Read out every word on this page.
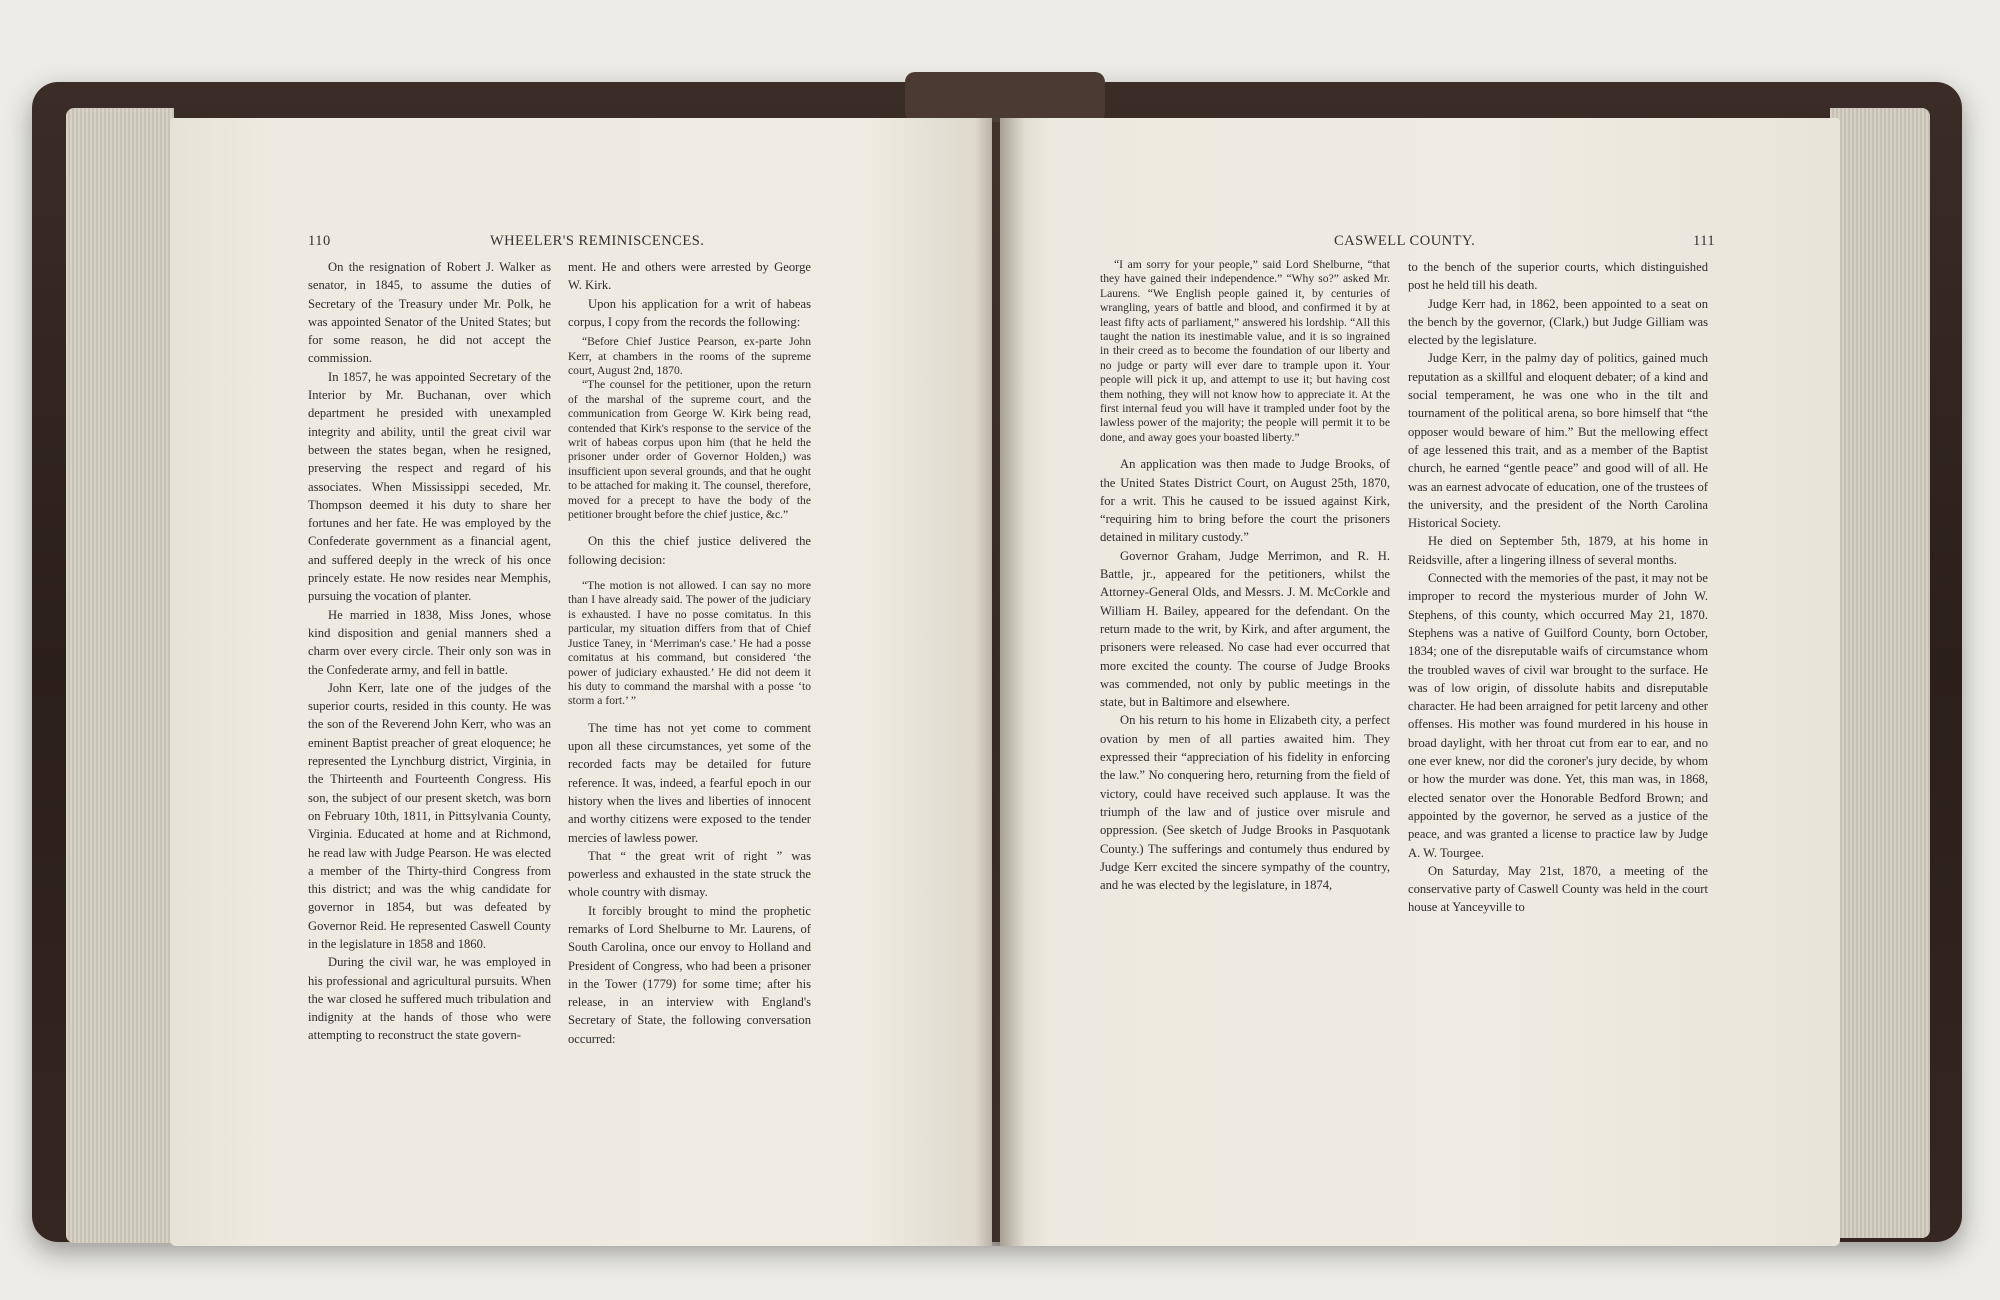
110	WHEELER'S REMINISCENCES.

On the resignation of Robert J. Walker as senator, in 1845, to assume the duties of Secretary of the Treasury under Mr. Polk, he was appointed Senator of the United States; but for some reason, he did not accept the commission.

In 1857, he was appointed Secretary of the Interior by Mr. Buchanan, over which department he presided with unexampled integrity and ability, until the great civil war between the states began, when he resigned, preserving the respect and regard of his associates. When Mississippi seceded, Mr. Thompson deemed it his duty to share her fortunes and her fate. He was employed by the Confederate government as a financial agent, and suffered deeply in the wreck of his once princely estate. He now resides near Memphis, pursuing the vocation of planter.

He married in 1838, Miss Jones, whose kind disposition and genial manners shed a charm over every circle. Their only son was in the Confederate army, and fell in battle.

John Kerr, late one of the judges of the superior courts, resided in this county. He was the son of the Reverend John Kerr, who was an eminent Baptist preacher of great eloquence; he represented the Lynchburg district, Virginia, in the Thirteenth and Fourteenth Congress. His son, the subject of our present sketch, was born on February 10th, 1811, in Pittsylvania County, Virginia. Educated at home and at Richmond, he read law with Judge Pearson. He was elected a member of the Thirty-third Congress from this district; and was the whig candidate for governor in 1854, but was defeated by Governor Reid. He represented Caswell County in the legislature in 1858 and 1860.

During the civil war, he was employed in his professional and agricultural pursuits. When the war closed he suffered much tribulation and indignity at the hands of those who were attempting to reconstruct the state govern-

ment. He and others were arrested by George W. Kirk.

Upon his application for a writ of habeas corpus, I copy from the records the following:

“Before Chief Justice Pearson, ex-parte John Kerr, at chambers in the rooms of the supreme court, August 2nd, 1870.

“The counsel for the petitioner, upon the return of the marshal of the supreme court, and the communication from George W. Kirk being read, contended that Kirk's response to the service of the writ of habeas corpus upon him (that he held the prisoner under order of Governor Holden,) was insufficient upon several grounds, and that he ought to be attached for making it. The counsel, therefore, moved for a precept to have the body of the petitioner brought before the chief justice, &c.”

On this the chief justice delivered the following decision:

“The motion is not allowed. I can say no more than I have already said. The power of the judiciary is exhausted. I have no posse comitatus. In this particular, my situation differs from that of Chief Justice Taney, in ‘Merriman's case.’ He had a posse comitatus at his command, but considered ‘the power of judiciary exhausted.’ He did not deem it his duty to command the marshal with a posse ‘to storm a fort.’ ”

The time has not yet come to comment upon all these circumstances, yet some of the recorded facts may be detailed for future reference. It was, indeed, a fearful epoch in our history when the lives and liberties of innocent and worthy citizens were exposed to the tender mercies of lawless power.

That “ the great writ of right ” was powerless and exhausted in the state struck the whole country with dismay.

It forcibly brought to mind the prophetic remarks of Lord Shelburne to Mr. Laurens, of South Carolina, once our envoy to Holland and President of Congress, who had been a prisoner in the Tower (1779) for some time; after his release, in an interview with England's Secretary of State, the following conversation occurred:

CASWELL COUNTY.	111

“I am sorry for your people,” said Lord Shelburne, “that they have gained their independence.” “Why so?” asked Mr. Laurens. “We English people gained it, by centuries of wrangling, years of battle and blood, and confirmed it by at least fifty acts of parliament,” answered his lordship. “All this taught the nation its inestimable value, and it is so ingrained in their creed as to become the foundation of our liberty and no judge or party will ever dare to trample upon it. Your people will pick it up, and attempt to use it; but having cost them nothing, they will not know how to appreciate it. At the first internal feud you will have it trampled under foot by the lawless power of the majority; the people will permit it to be done, and away goes your boasted liberty.”

An application was then made to Judge Brooks, of the United States District Court, on August 25th, 1870, for a writ. This he caused to be issued against Kirk, “requiring him to bring before the court the prisoners detained in military custody.”

Governor Graham, Judge Merrimon, and R. H. Battle, jr., appeared for the petitioners, whilst the Attorney-General Olds, and Messrs. J. M. McCorkle and William H. Bailey, appeared for the defendant. On the return made to the writ, by Kirk, and after argument, the prisoners were released. No case had ever occurred that more excited the county. The course of Judge Brooks was commended, not only by public meetings in the state, but in Baltimore and elsewhere.

On his return to his home in Elizabeth city, a perfect ovation by men of all parties awaited him. They expressed their “appreciation of his fidelity in enforcing the law.” No conquering hero, returning from the field of victory, could have received such applause. It was the triumph of the law and of justice over misrule and oppression. (See sketch of Judge Brooks in Pasquotank County.) The sufferings and contumely thus endured by Judge Kerr excited the sincere sympathy of the country, and he was elected by the legislature, in 1874,

to the bench of the superior courts, which distinguished post he held till his death.

Judge Kerr had, in 1862, been appointed to a seat on the bench by the governor, (Clark,) but Judge Gilliam was elected by the legislature.

Judge Kerr, in the palmy day of politics, gained much reputation as a skillful and eloquent debater; of a kind and social temperament, he was one who in the tilt and tournament of the political arena, so bore himself that “the opposer would beware of him.” But the mellowing effect of age lessened this trait, and as a member of the Baptist church, he earned “gentle peace” and good will of all. He was an earnest advocate of education, one of the trustees of the university, and the president of the North Carolina Historical Society.

He died on September 5th, 1879, at his home in Reidsville, after a lingering illness of several months.

Connected with the memories of the past, it may not be improper to record the mysterious murder of John W. Stephens, of this county, which occurred May 21, 1870. Stephens was a native of Guilford County, born October, 1834; one of the disreputable waifs of circumstance whom the troubled waves of civil war brought to the surface. He was of low origin, of dissolute habits and disreputable character. He had been arraigned for petit larceny and other offenses. His mother was found murdered in his house in broad daylight, with her throat cut from ear to ear, and no one ever knew, nor did the coroner's jury decide, by whom or how the murder was done. Yet, this man was, in 1868, elected senator over the Honorable Bedford Brown; and appointed by the governor, he served as a justice of the peace, and was granted a license to practice law by Judge A. W. Tourgee.

On Saturday, May 21st, 1870, a meeting of the conservative party of Caswell County was held in the court house at Yanceyville to
